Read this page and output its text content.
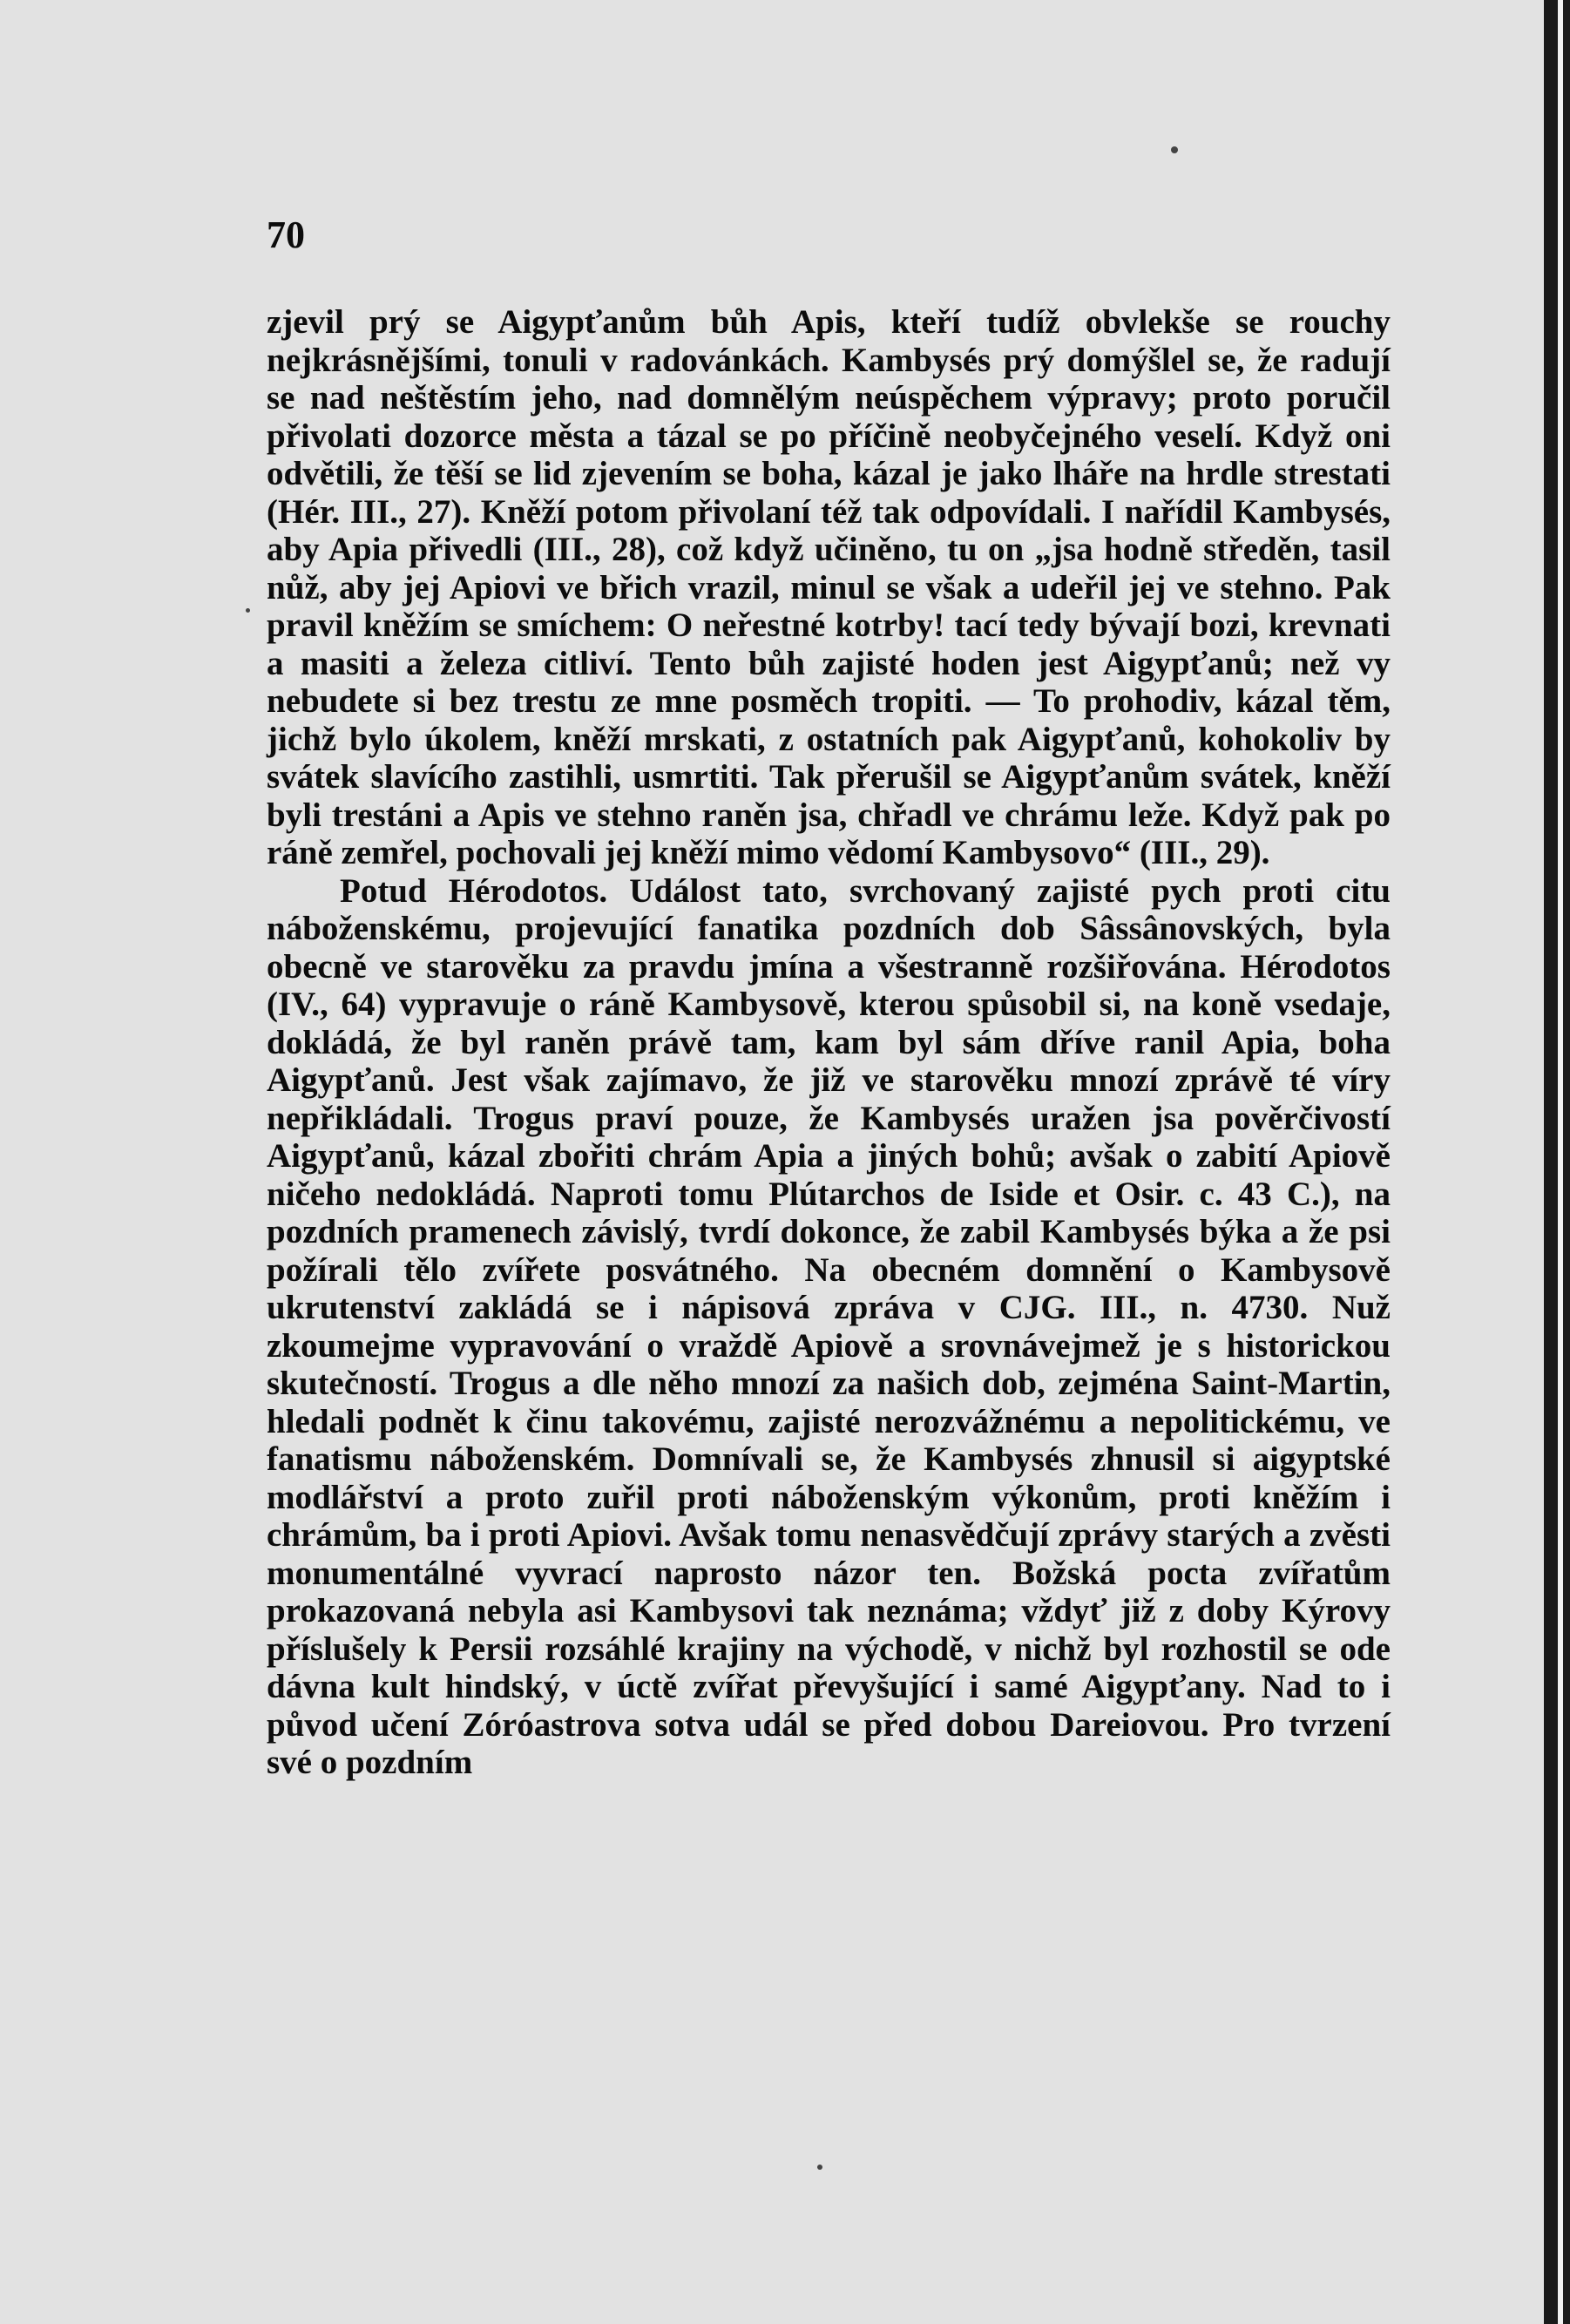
70

zjevil prý se Aigypťanům bůh Apis, kteří tudíž obvlekše se rouchy nejkrásnějšími, tonuli v radovánkách. Kambysés prý domýšlel se, že radují se nad neštěstím jeho, nad domnělým neúspěchem výpravy; proto poručil přivolati dozorce města a tázal se po příčině neobyčejného veselí. Když oni odvětili, že těší se lid zjevením se boha, kázal je jako lháře na hrdle strestati (Hér. III., 27). Kněží potom přivolaní též tak odpovídali. I nařídil Kambysés, aby Apia přivedli (III., 28), což když učiněno, tu on „jsa hodně středěn, tasil nůž, aby jej Apiovi ve břich vrazil, minul se však a udeřil jej ve stehno. Pak pravil kněžím se smíchem: O neřestné kotrby! tací tedy bývají bozi, krevnati a masiti a železa citliví. Tento bůh zajisté hoden jest Aigypťanů; než vy nebudete si bez trestu ze mne posměch tropiti. — To prohodiv, kázal těm, jichž bylo úkolem, kněží mrskati, z ostatních pak Aigypťanů, kohokoliv by svátek slavícího zastihli, usmrtiti. Tak přerušil se Aigypťanům svátek, kněží byli trestáni a Apis ve stehno raněn jsa, chřadl ve chrámu leže. Když pak po ráně zemřel, pochovali jej kněží mimo vědomí Kambysovo“ (III., 29).

Potud Hérodotos. Událost tato, svrchovaný zajisté pych proti citu náboženskému, projevující fanatika pozdních dob Sâssânovských, byla obecně ve starověku za pravdu jmína a všestranně rozšiřována. Hérodotos (IV., 64) vypravuje o ráně Kambysově, kterou spůsobil si, na koně vsedaje, dokládá, že byl raněn právě tam, kam byl sám dříve ranil Apia, boha Aigypťanů. Jest však zajímavo, že již ve starověku mnozí zprávě té víry nepřikládali. Trogus praví pouze, že Kambysés uražen jsa pověrčivostí Aigypťanů, kázal zbořiti chrám Apia a jiných bohů; avšak o zabití Apiově ničeho nedokládá. Naproti tomu Plútarchos de Iside et Osir. c. 43 C.), na pozdních pramenech závislý, tvrdí dokonce, že zabil Kambysés býka a že psi požírali tělo zvířete posvátného. Na obecném domnění o Kambysově ukrutenství zakládá se i nápisová zpráva v CJG. III., n. 4730. Nuž zkoumejme vypravování o vraždě Apiově a srovnávejmež je s historickou skutečností. Trogus a dle něho mnozí za našich dob, zejména Saint-Martin, hledali podnět k činu takovému, zajisté nerozvážnému a nepolitickému, ve fanatismu náboženském. Domnívali se, že Kambysés zhnusil si aigyptské modlářství a proto zuřil proti náboženským výkonům, proti kněžím i chrámům, ba i proti Apiovi. Avšak tomu nenasvědčují zprávy starých a zvěsti monumentálné vyvrací naprosto názor ten. Božská pocta zvířatům prokazovaná nebyla asi Kambysovi tak neznáma; vždyť již z doby Kýrovy příslušely k Persii rozsáhlé krajiny na východě, v nichž byl rozhostil se ode dávna kult hindský, v úctě zvířat převyšující i samé Aigypťany. Nad to i původ učení Zóróastrova sotva udál se před dobou Dareiovou. Pro tvrzení své o pozdním
